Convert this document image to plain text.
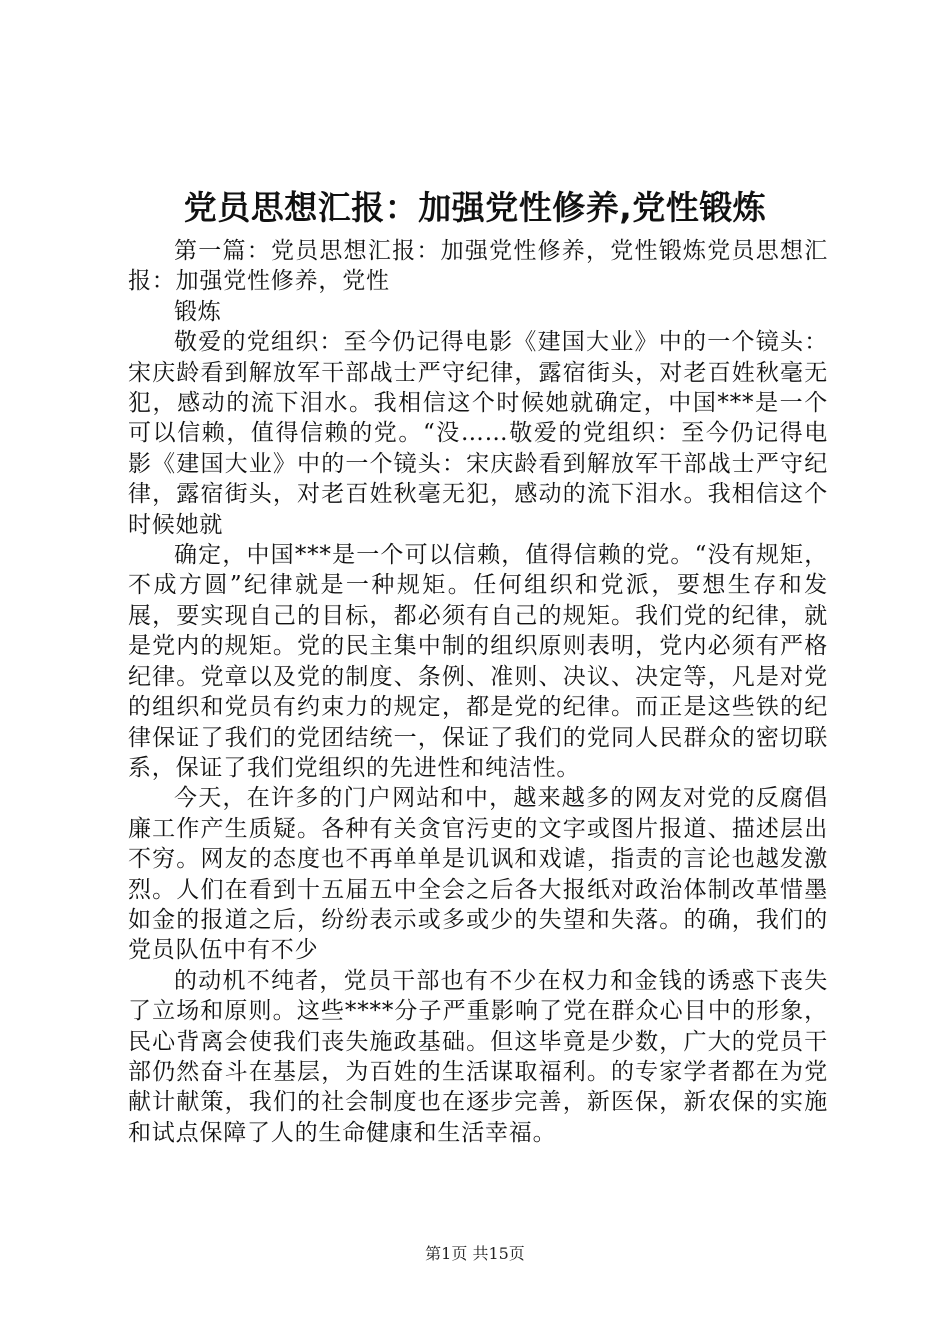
党员思想汇报：加强党性修养,党性锻炼

第一篇：党员思想汇报：加强党性修养，党性锻炼党员思想汇报：加强党性修养，党性

锻炼

敬爱的党组织：至今仍记得电影《建国大业》中的一个镜头：宋庆龄看到解放军干部战士严守纪律，露宿街头，对老百姓秋毫无犯，感动的流下泪水。我相信这个时候她就确定，中国***是一个可以信赖，值得信赖的党。“没……敬爱的党组织：至今仍记得电影《建国大业》中的一个镜头：宋庆龄看到解放军干部战士严守纪律，露宿街头，对老百姓秋毫无犯，感动的流下泪水。我相信这个时候她就

确定，中国***是一个可以信赖，值得信赖的党。“没有规矩，不成方圆”纪律就是一种规矩。任何组织和党派，要想生存和发展，要实现自己的目标，都必须有自己的规矩。我们党的纪律，就是党内的规矩。党的民主集中制的组织原则表明，党内必须有严格纪律。党章以及党的制度、条例、准则、决议、决定等，凡是对党的组织和党员有约束力的规定，都是党的纪律。而正是这些铁的纪律保证了我们的党团结统一，保证了我们的党同人民群众的密切联系，保证了我们党组织的先进性和纯洁性。

今天，在许多的门户网站和中，越来越多的网友对党的反腐倡廉工作产生质疑。各种有关贪官污吏的文字或图片报道、描述层出不穷。网友的态度也不再单单是讥讽和戏谑，指责的言论也越发激烈。人们在看到十五届五中全会之后各大报纸对政治体制改革惜墨如金的报道之后，纷纷表示或多或少的失望和失落。的确，我们的党员队伍中有不少

的动机不纯者，党员干部也有不少在权力和金钱的诱惑下丧失了立场和原则。这些****分子严重影响了党在群众心目中的形象，民心背离会使我们丧失施政基础。但这毕竟是少数，广大的党员干部仍然奋斗在基层，为百姓的生活谋取福利。的专家学者都在为党献计献策，我们的社会制度也在逐步完善，新医保，新农保的实施和试点保障了人的生命健康和生活幸福。

第1页 共15页
